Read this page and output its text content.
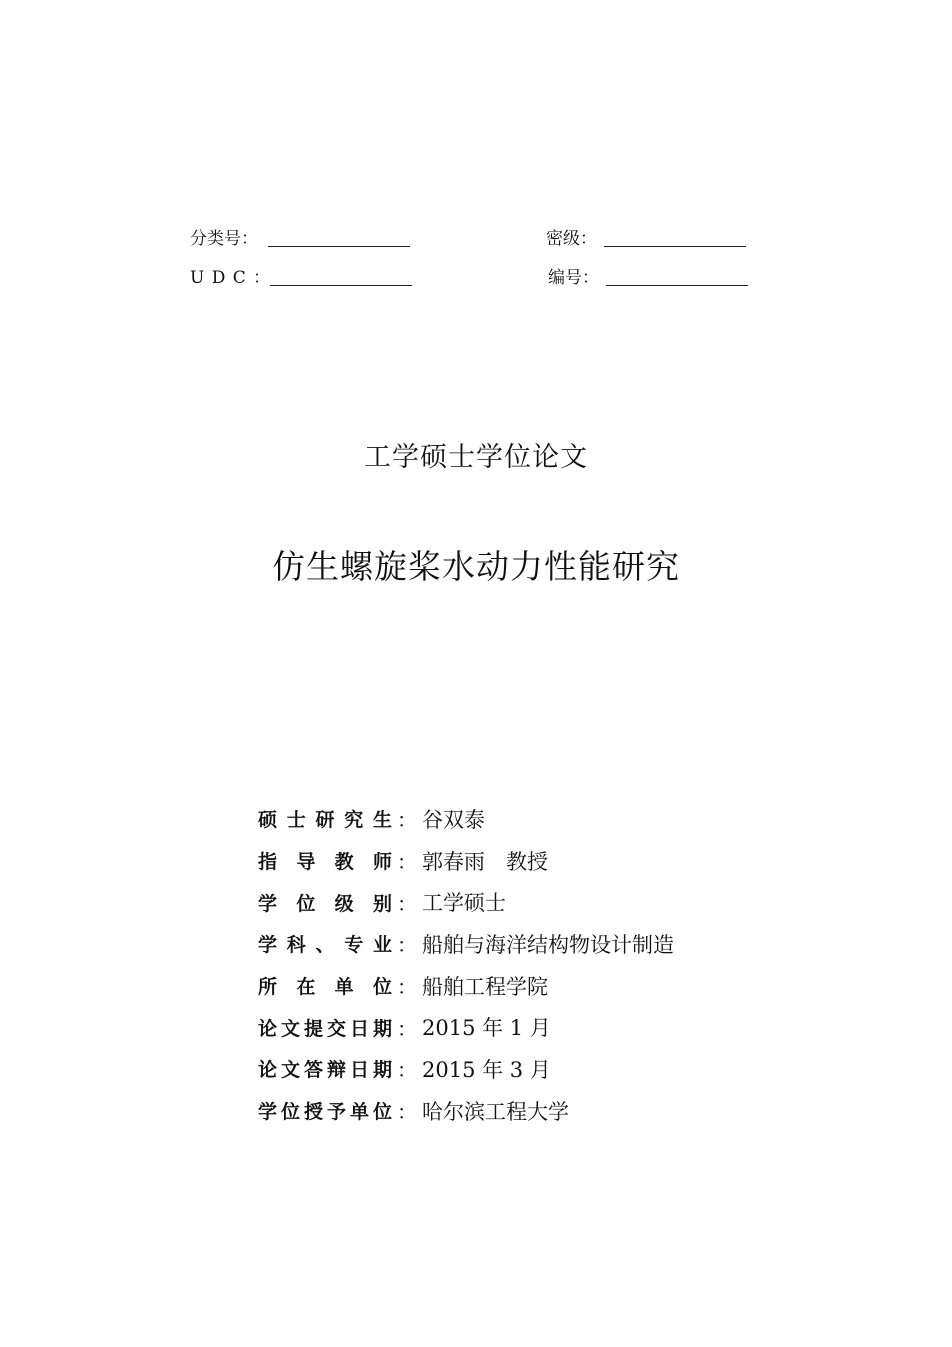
分类号：	密级：
U D C ：	编号：
工学硕士学位论文
仿生螺旋桨水动力性能研究
硕士研究生 ： 谷双泰
指导教师 ： 郭春雨　教授
学位级别 ： 工学硕士
学科、专业 ： 船舶与海洋结构物设计制造
所在单位 ： 船舶工程学院
论文提交日期 ： 2015 年 1 月
论文答辩日期 ： 2015 年 3 月
学位授予单位 ： 哈尔滨工程大学
